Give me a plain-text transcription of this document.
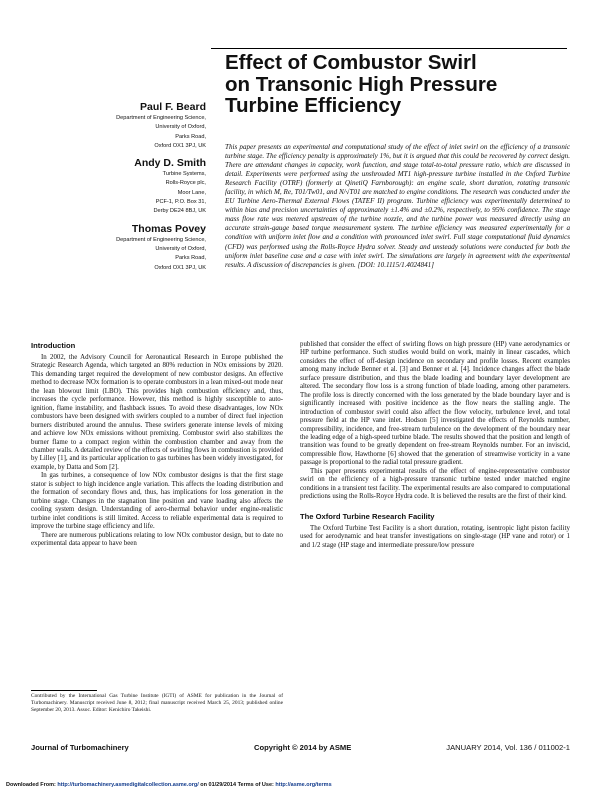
Effect of Combustor Swirl
on Transonic High Pressure
Turbine Efficiency
Paul F. Beard
Department of Engineering Science,
University of Oxford,
Parks Road,
Oxford OX1 3PJ, UK
Andy D. Smith
Turbine Systems,
Rolls-Royce plc,
Moor Lane,
PCF-1, P.O. Box 31,
Derby DE24 8BJ, UK
Thomas Povey
Department of Engineering Science,
University of Oxford,
Parks Road,
Oxford OX1 3PJ, UK

This paper presents an experimental and computational study of the effect of inlet swirl on the efficiency of a transonic turbine stage. The efficiency penalty is approximately 1%, but it is argued that this could be recovered by correct design. There are attendant changes in capacity, work function, and stage total-to-total pressure ratio, which are discussed in detail. Experiments were performed using the unshrouded MT1 high-pressure turbine installed in the Oxford Turbine Research Facility (OTRF) (formerly at QinetiQ Farnborough): an engine scale, short duration, rotating transonic facility, in which M, Re, T01/Tw01, and N/√T01 are matched to engine conditions. The research was conducted under the EU Turbine Aero-Thermal External Flows (TATEF II) program. Turbine efficiency was experimentally determined to within bias and precision uncertainties of approximately ±1.4% and ±0.2%, respectively, to 95% confidence. The stage mass flow rate was metered upstream of the turbine nozzle, and the turbine power was measured directly using an accurate strain-gauge based torque measurement system. The turbine efficiency was measured experimentally for a condition with uniform inlet flow and a condition with pronounced inlet swirl. Full stage computational fluid dynamics (CFD) was performed using the Rolls-Royce Hydra solver. Steady and unsteady solutions were conducted for both the uniform inlet baseline case and a case with inlet swirl. The simulations are largely in agreement with the experimental results. A discussion of discrepancies is given. [DOI: 10.1115/1.4024841]

Introduction

In 2002, the Advisory Council for Aeronautical Research in Europe published the Strategic Research Agenda, which targeted an 80% reduction in NOx emissions by 2020. This demanding target required the development of new combustor designs. An effective method to decrease NOx formation is to operate combustors in a lean mixed-out mode near the lean blowout limit (LBO). This provides high combustion efficiency and, thus, increases the cycle performance. However, this method is highly susceptible to auto-ignition, flame instability, and flashback issues. To avoid these disadvantages, low NOx combustors have been designed with swirlers coupled to a number of direct fuel injection burners distributed around the annulus. These swirlers generate intense levels of mixing and achieve low NOx emissions without premixing. Combustor swirl also stabilizes the burner flame to a compact region within the combustion chamber and away from the chamber walls. A detailed review of the effects of swirling flows in combustion is provided by Lilley [1], and its particular application to gas turbines has been widely investigated, for example, by Datta and Som [2].

In gas turbines, a consequence of low NOx combustor designs is that the first stage stator is subject to high incidence angle variation. This affects the loading distribution and the formation of secondary flows and, thus, has implications for loss generation in the turbine stage. Changes in the stagnation line position and vane loading also affects the cooling system design. Understanding of aero-thermal behavior under engine-realistic turbine inlet conditions is still limited. Access to reliable experimental data is required to improve the turbine stage efficiency and life.

There are numerous publications relating to low NOx combustor design, but to date no experimental data appear to have been

published that consider the effect of swirling flows on high pressure (HP) vane aerodynamics or HP turbine performance. Such studies would build on work, mainly in linear cascades, which considers the effect of off-design incidence on secondary and profile losses. Recent examples among many include Benner et al. [3] and Benner et al. [4]. Incidence changes affect the blade surface pressure distribution, and thus the blade loading and boundary layer development are altered. The secondary flow loss is a strong function of blade loading, among other parameters. The profile loss is directly concerned with the loss generated by the blade boundary layer and is significantly increased with positive incidence as the flow nears the stalling angle. The introduction of combustor swirl could also affect the flow velocity, turbulence level, and total pressure field at the HP vane inlet. Hodson [5] investigated the effects of Reynolds number, compressibility, incidence, and free-stream turbulence on the development of the boundary near the leading edge of a high-speed turbine blade. The results showed that the position and length of transition was found to be greatly dependent on free-stream Reynolds number. For an inviscid, compressible flow, Hawthorne [6] showed that the generation of streamwise vorticity in a vane passage is proportional to the radial total pressure gradient.

This paper presents experimental results of the effect of engine-representative combustor swirl on the efficiency of a high-pressure transonic turbine tested under matched engine conditions in a transient test facility. The experimental results are also compared to computational predictions using the Rolls-Royce Hydra code. It is believed the results are the first of their kind.

The Oxford Turbine Research Facility

The Oxford Turbine Test Facility is a short duration, rotating, isentropic light piston facility used for aerodynamic and heat transfer investigations on single-stage (HP vane and rotor) or 1 and 1/2 stage (HP stage and intermediate pressure/low pressure

Contributed by the International Gas Turbine Institute (IGTI) of ASME for publication in the Journal of Turbomachinery. Manuscript received June 8, 2012; final manuscript received March 25, 2013; published online September 20, 2013. Assoc. Editor: Kenichiro Takeishi.

Journal of Turbomachinery	Copyright © 2014 by ASME	JANUARY 2014, Vol. 136 / 011002-1
Downloaded From: http://turbomachinery.asmedigitalcollection.asme.org/ on 01/29/2014 Terms of Use: http://asme.org/terms
